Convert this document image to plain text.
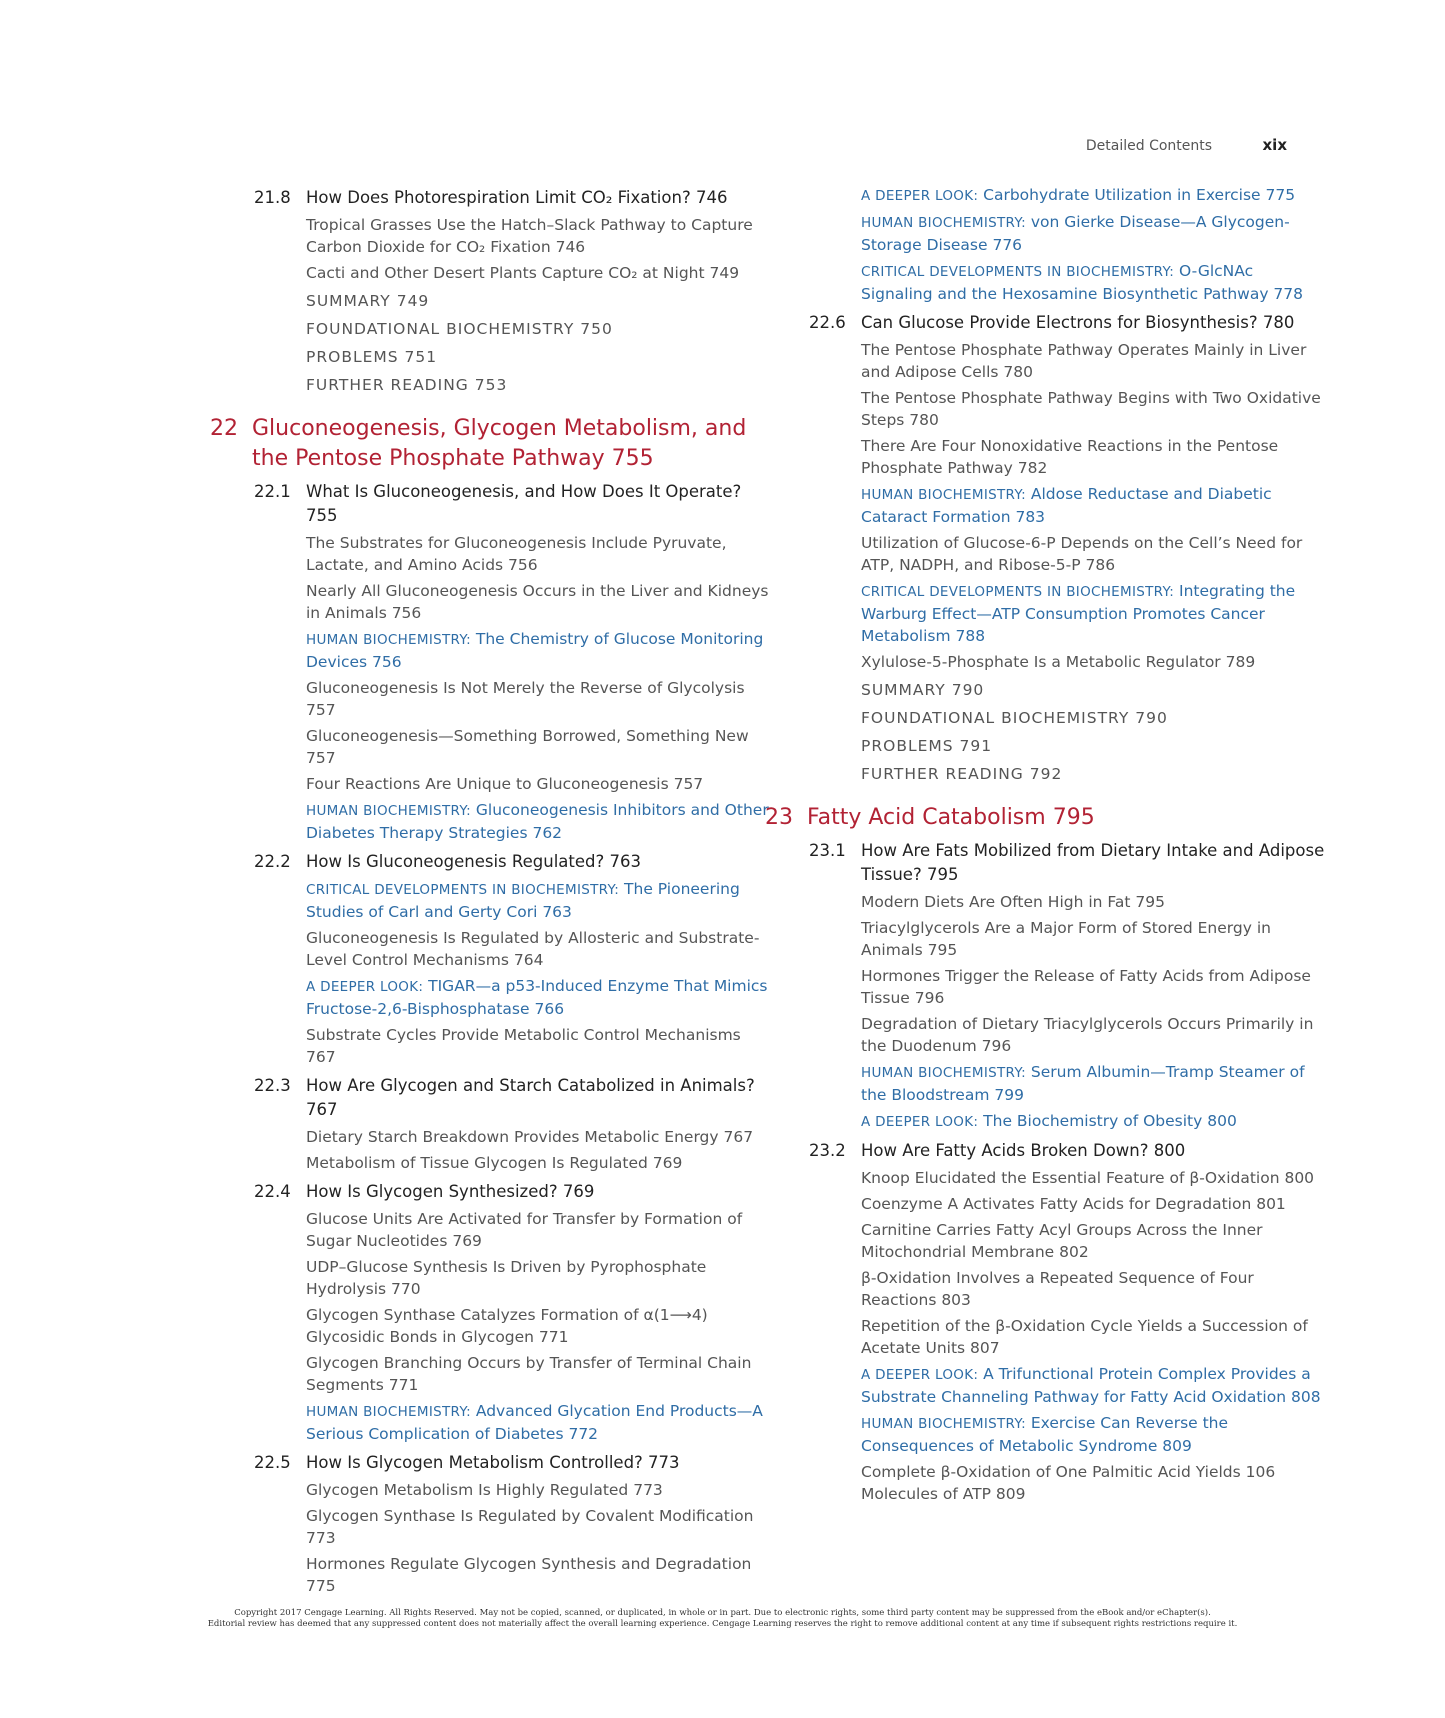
Detailed Contents	xix
21.8 How Does Photorespiration Limit CO₂ Fixation? 746
Tropical Grasses Use the Hatch–Slack Pathway to Capture Carbon Dioxide for CO₂ Fixation 746
Cacti and Other Desert Plants Capture CO₂ at Night 749
SUMMARY 749
FOUNDATIONAL BIOCHEMISTRY 750
PROBLEMS 751
FURTHER READING 753
22 Gluconeogenesis, Glycogen Metabolism, and the Pentose Phosphate Pathway 755
22.1 What Is Gluconeogenesis, and How Does It Operate? 755
The Substrates for Gluconeogenesis Include Pyruvate, Lactate, and Amino Acids 756
Nearly All Gluconeogenesis Occurs in the Liver and Kidneys in Animals 756
HUMAN BIOCHEMISTRY: The Chemistry of Glucose Monitoring Devices 756
Gluconeogenesis Is Not Merely the Reverse of Glycolysis 757
Gluconeogenesis—Something Borrowed, Something New 757
Four Reactions Are Unique to Gluconeogenesis 757
HUMAN BIOCHEMISTRY: Gluconeogenesis Inhibitors and Other Diabetes Therapy Strategies 762
22.2 How Is Gluconeogenesis Regulated? 763
CRITICAL DEVELOPMENTS IN BIOCHEMISTRY: The Pioneering Studies of Carl and Gerty Cori 763
Gluconeogenesis Is Regulated by Allosteric and Substrate-Level Control Mechanisms 764
A DEEPER LOOK: TIGAR—a p53-Induced Enzyme That Mimics Fructose-2,6-Bisphosphatase 766
Substrate Cycles Provide Metabolic Control Mechanisms 767
22.3 How Are Glycogen and Starch Catabolized in Animals? 767
Dietary Starch Breakdown Provides Metabolic Energy 767
Metabolism of Tissue Glycogen Is Regulated 769
22.4 How Is Glycogen Synthesized? 769
Glucose Units Are Activated for Transfer by Formation of Sugar Nucleotides 769
UDP–Glucose Synthesis Is Driven by Pyrophosphate Hydrolysis 770
Glycogen Synthase Catalyzes Formation of α(1⟶4) Glycosidic Bonds in Glycogen 771
Glycogen Branching Occurs by Transfer of Terminal Chain Segments 771
HUMAN BIOCHEMISTRY: Advanced Glycation End Products—A Serious Complication of Diabetes 772
22.5 How Is Glycogen Metabolism Controlled? 773
Glycogen Metabolism Is Highly Regulated 773
Glycogen Synthase Is Regulated by Covalent Modification 773
Hormones Regulate Glycogen Synthesis and Degradation 775
A DEEPER LOOK: Carbohydrate Utilization in Exercise 775
HUMAN BIOCHEMISTRY: von Gierke Disease—A Glycogen-Storage Disease 776
CRITICAL DEVELOPMENTS IN BIOCHEMISTRY: O-GlcNAc Signaling and the Hexosamine Biosynthetic Pathway 778
22.6 Can Glucose Provide Electrons for Biosynthesis? 780
The Pentose Phosphate Pathway Operates Mainly in Liver and Adipose Cells 780
The Pentose Phosphate Pathway Begins with Two Oxidative Steps 780
There Are Four Nonoxidative Reactions in the Pentose Phosphate Pathway 782
HUMAN BIOCHEMISTRY: Aldose Reductase and Diabetic Cataract Formation 783
Utilization of Glucose-6-P Depends on the Cell’s Need for ATP, NADPH, and Ribose-5-P 786
CRITICAL DEVELOPMENTS IN BIOCHEMISTRY: Integrating the Warburg Effect—ATP Consumption Promotes Cancer Metabolism 788
Xylulose-5-Phosphate Is a Metabolic Regulator 789
SUMMARY 790
FOUNDATIONAL BIOCHEMISTRY 790
PROBLEMS 791
FURTHER READING 792
23 Fatty Acid Catabolism 795
23.1 How Are Fats Mobilized from Dietary Intake and Adipose Tissue? 795
Modern Diets Are Often High in Fat 795
Triacylglycerols Are a Major Form of Stored Energy in Animals 795
Hormones Trigger the Release of Fatty Acids from Adipose Tissue 796
Degradation of Dietary Triacylglycerols Occurs Primarily in the Duodenum 796
HUMAN BIOCHEMISTRY: Serum Albumin—Tramp Steamer of the Bloodstream 799
A DEEPER LOOK: The Biochemistry of Obesity 800
23.2 How Are Fatty Acids Broken Down? 800
Knoop Elucidated the Essential Feature of β-Oxidation 800
Coenzyme A Activates Fatty Acids for Degradation 801
Carnitine Carries Fatty Acyl Groups Across the Inner Mitochondrial Membrane 802
β-Oxidation Involves a Repeated Sequence of Four Reactions 803
Repetition of the β-Oxidation Cycle Yields a Succession of Acetate Units 807
A DEEPER LOOK: A Trifunctional Protein Complex Provides a Substrate Channeling Pathway for Fatty Acid Oxidation 808
HUMAN BIOCHEMISTRY: Exercise Can Reverse the Consequences of Metabolic Syndrome 809
Complete β-Oxidation of One Palmitic Acid Yields 106 Molecules of ATP 809
Copyright 2017 Cengage Learning. All Rights Reserved. May not be copied, scanned, or duplicated, in whole or in part. Due to electronic rights, some third party content may be suppressed from the eBook and/or eChapter(s).
Editorial review has deemed that any suppressed content does not materially affect the overall learning experience. Cengage Learning reserves the right to remove additional content at any time if subsequent rights restrictions require it.
